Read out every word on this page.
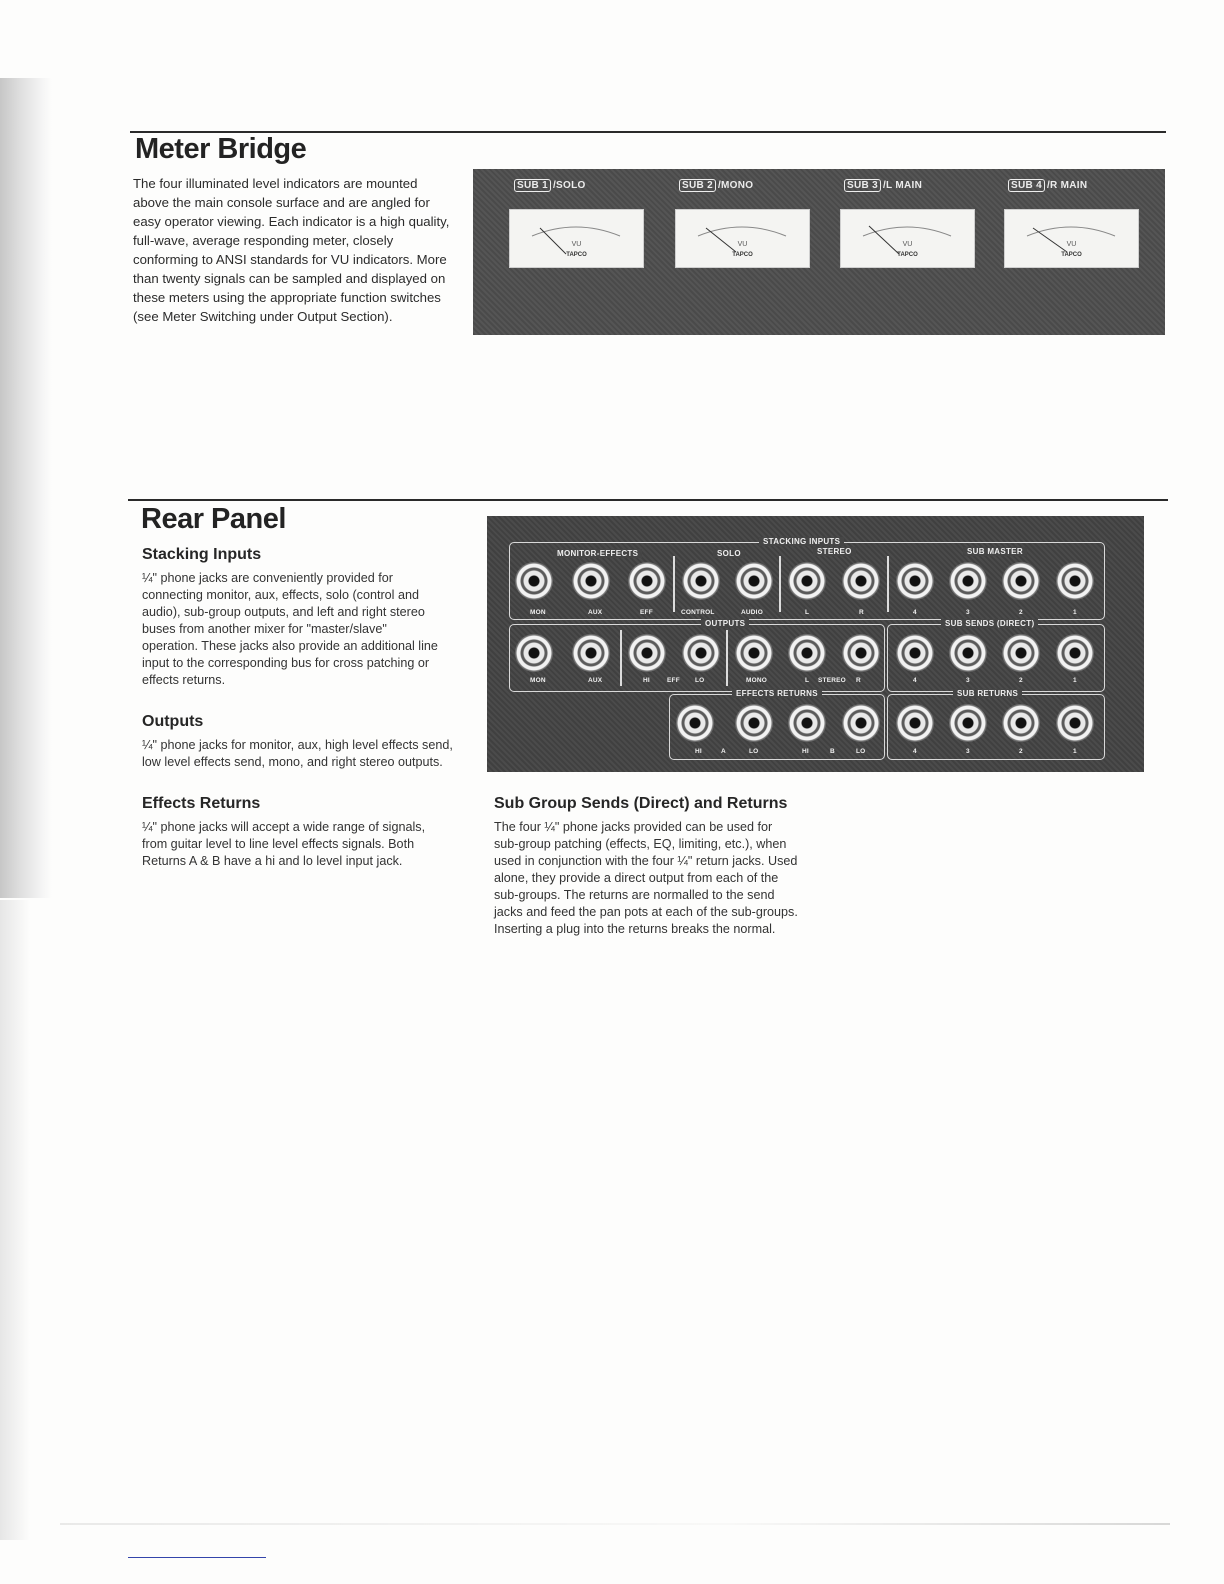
Meter Bridge

The four illuminated level indicators are mounted above the main console surface and are angled for easy operator viewing. Each indicator is a high quality, full-wave, average responding meter, closely conforming to ANSI standards for VU indicators. More than twenty signals can be sampled and displayed on these meters using the appropriate function switches (see Meter Switching under Output Section).

SUB 1 /SOLO
VU
TAPCO
SUB 2 /MONO
VU
TAPCO
SUB 3 /L MAIN
VU
TAPCO
SUB 4 /R MAIN
VU
TAPCO
Rear Panel
Stacking Inputs

¼" phone jacks are conveniently provided for connecting monitor, aux, effects, solo (control and audio), sub-group outputs, and left and right stereo buses from another mixer for "master/slave" operation. These jacks also provide an additional line input to the corresponding bus for cross patching or effects returns.

Outputs

¼" phone jacks for monitor, aux, high level effects send, low level effects send, mono, and right stereo outputs.

Effects Returns

¼" phone jacks will accept a wide range of signals, from guitar level to line level effects signals. Both Returns A & B have a hi and lo level input jack.

Sub Group Sends (Direct) and Returns

The four ¼" phone jacks provided can be used for sub-group patching (effects, EQ, limiting, etc.), when used in conjunction with the four ¼" return jacks. Used alone, they provide a direct output from each of the sub-groups. The returns are normalled to the send jacks and feed the pan pots at each of the sub-groups. Inserting a plug into the returns breaks the normal.

STACKING INPUTS
MONITOR-EFFECTS	SOLO	STEREO	SUB MASTER
MON	AUX	EFF	CONTROL	AUDIO	L	R	4	3	2	1
OUTPUTS	SUB SENDS (DIRECT)
MON	AUX	HI	EFF LO	MONO	L STEREO R	4	3	2	1
EFFECTS RETURNS	SUB RETURNS
HI	A	LO	HI	B	LO	4	3	2	1
